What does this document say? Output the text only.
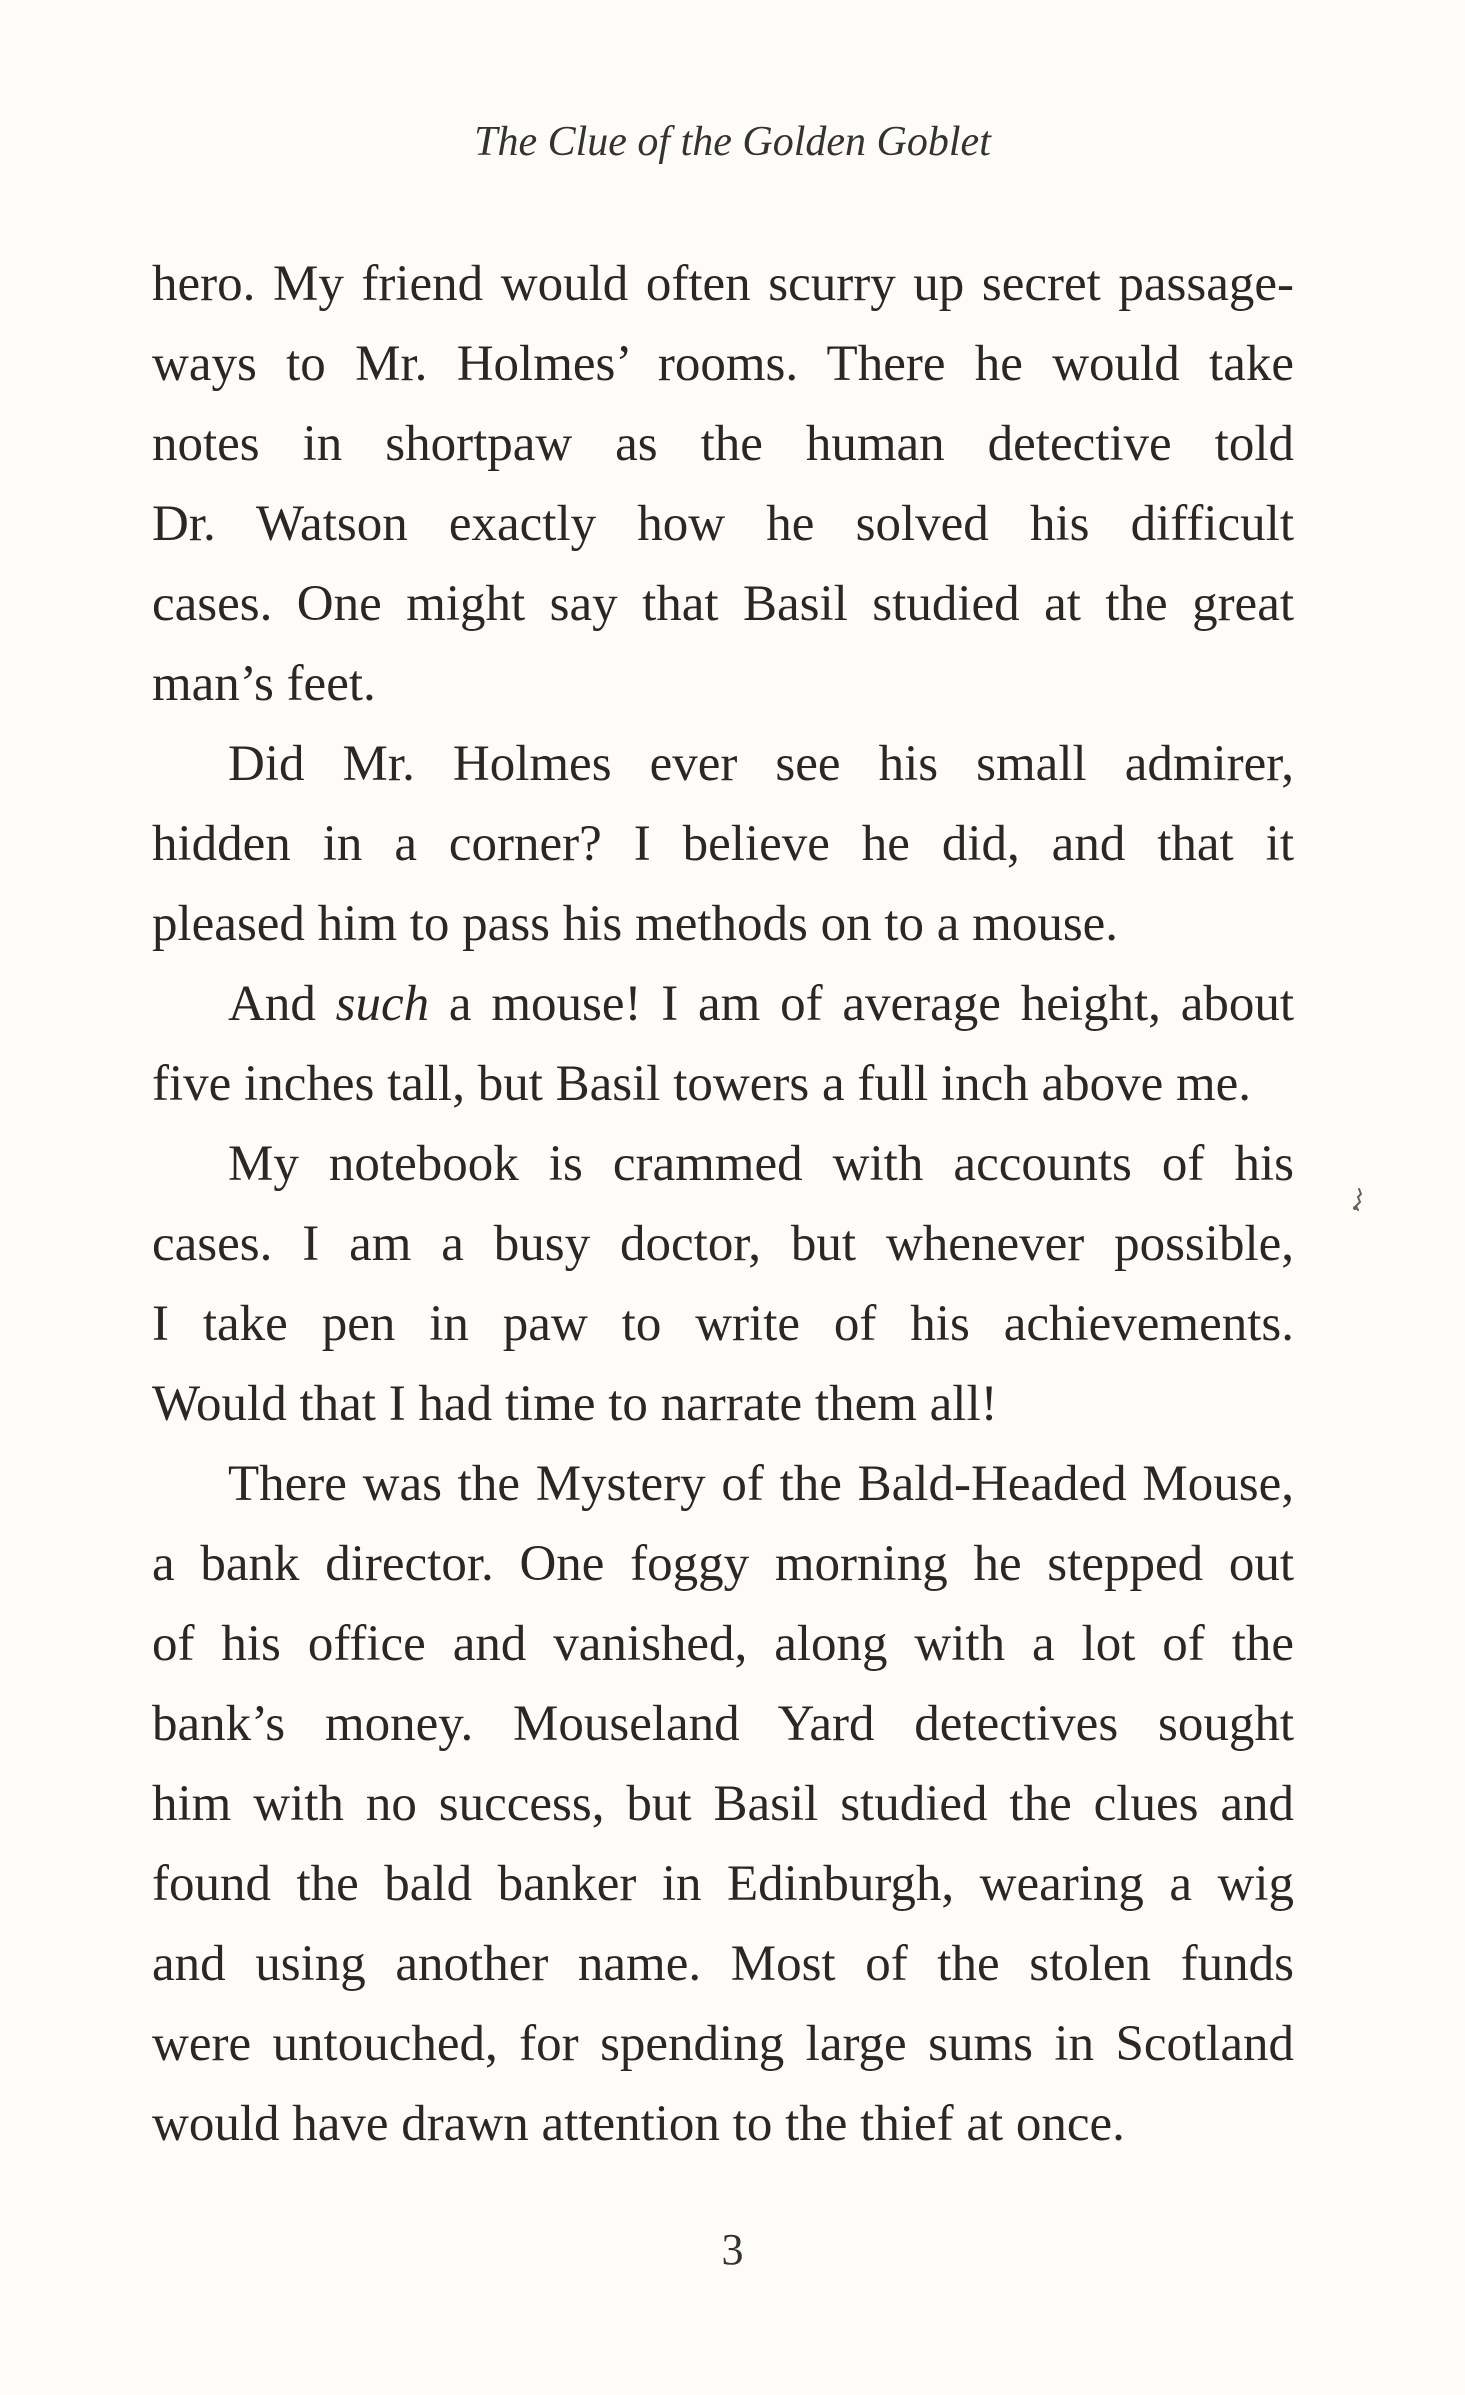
The Clue of the Golden Goblet
hero. My friend would often scurry up secret passage-
ways to Mr. Holmes’ rooms. There he would take
notes in shortpaw as the human detective told
Dr. Watson exactly how he solved his difficult
cases. One might say that Basil studied at the great
man’s feet.
Did Mr. Holmes ever see his small admirer,
hidden in a corner? I believe he did, and that it
pleased him to pass his methods on to a mouse.
And such a mouse! I am of average height, about
five inches tall, but Basil towers a full inch above me.
My notebook is crammed with accounts of his
cases. I am a busy doctor, but whenever possible,
I take pen in paw to write of his achievements.
Would that I had time to narrate them all!
There was the Mystery of the Bald-Headed Mouse,
a bank director. One foggy morning he stepped out
of his office and vanished, along with a lot of the
bank’s money. Mouseland Yard detectives sought
him with no success, but Basil studied the clues and
found the bald banker in Edinburgh, wearing a wig
and using another name. Most of the stolen funds
were untouched, for spending large sums in Scotland
would have drawn attention to the thief at once.
3
